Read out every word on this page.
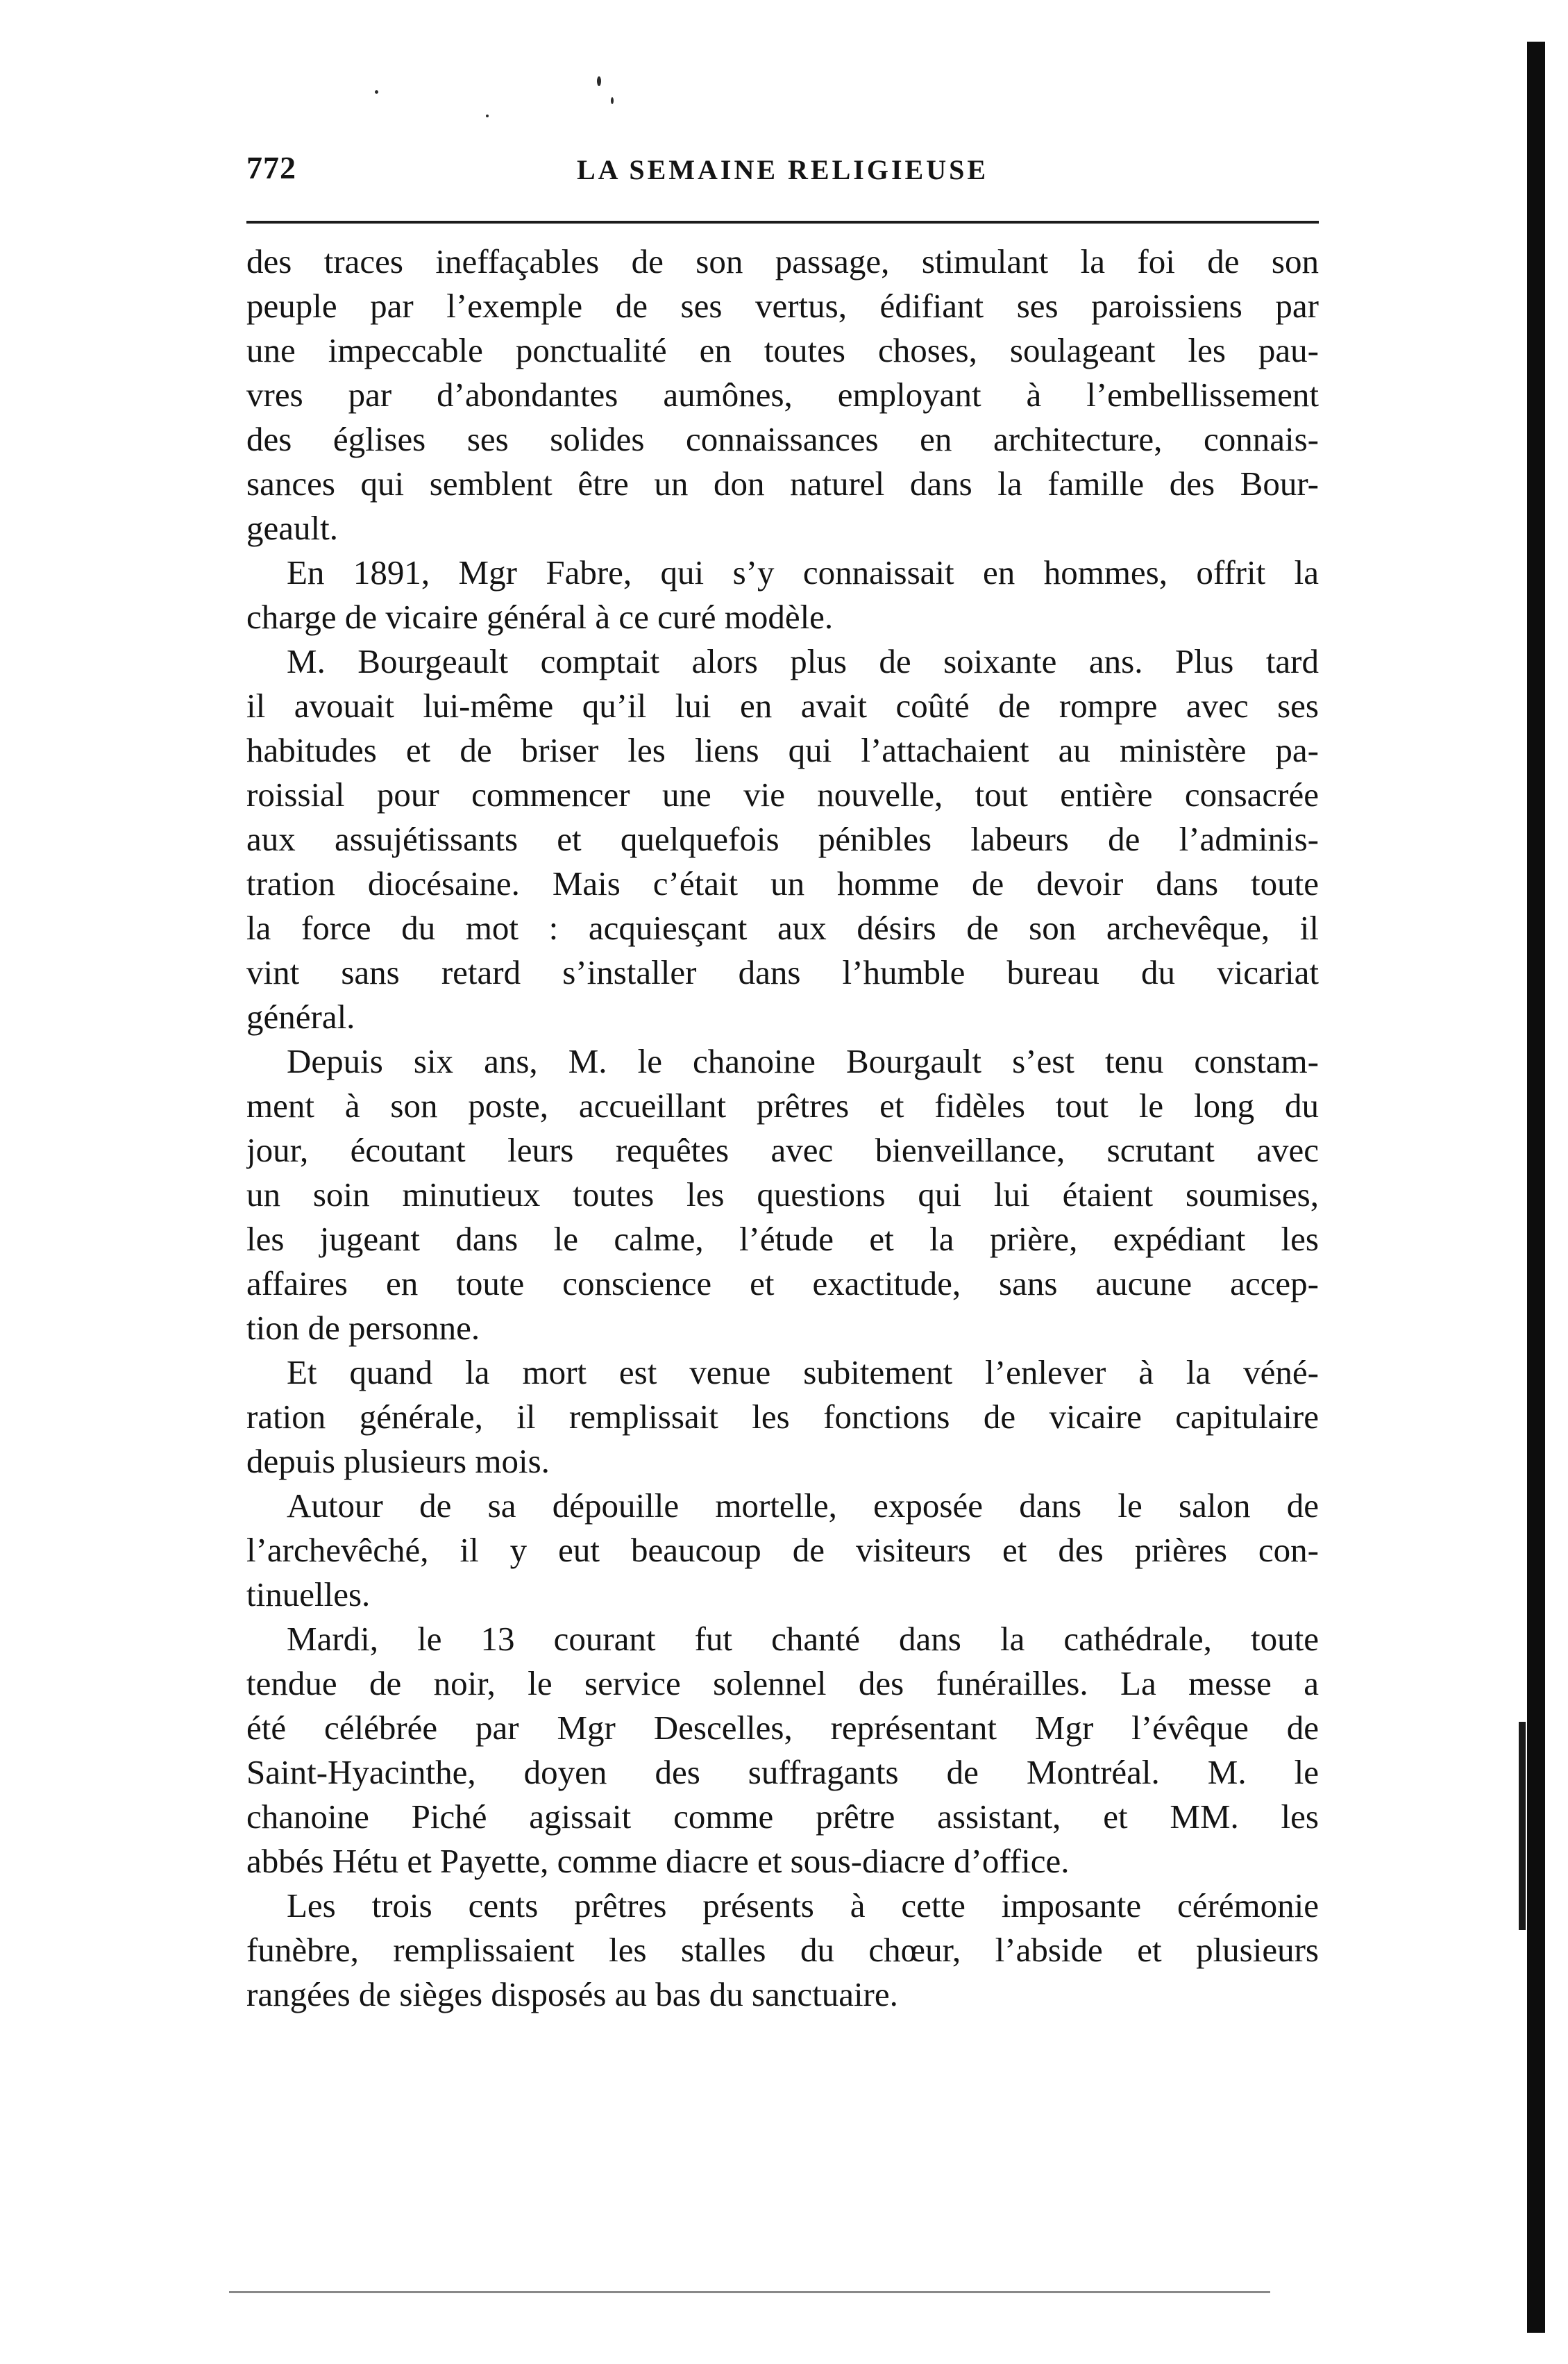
772	LA SEMAINE RELIGIEUSE
des traces ineffaçables de son passage, stimulant la foi de son
peuple par l’exemple de ses vertus, édifiant ses paroissiens par
une impeccable ponctualité en toutes choses, soulageant les pau-
vres par d’abondantes aumônes, employant à l’embellissement
des églises ses solides connaissances en architecture, connais-
sances qui semblent être un don naturel dans la famille des Bour-
geault.
En 1891, Mgr Fabre, qui s’y connaissait en hommes, offrit la
charge de vicaire général à ce curé modèle.
M. Bourgeault comptait alors plus de soixante ans. Plus tard
il avouait lui-même qu’il lui en avait coûté de rompre avec ses
habitudes et de briser les liens qui l’attachaient au ministère pa-
roissial pour commencer une vie nouvelle, tout entière consacrée
aux assujétissants et quelquefois pénibles labeurs de l’adminis-
tration diocésaine. Mais c’était un homme de devoir dans toute
la force du mot : acquiesçant aux désirs de son archevêque, il
vint sans retard s’installer dans l’humble bureau du vicariat
général.
Depuis six ans, M. le chanoine Bourgault s’est tenu constam-
ment à son poste, accueillant prêtres et fidèles tout le long du
jour, écoutant leurs requêtes avec bienveillance, scrutant avec
un soin minutieux toutes les questions qui lui étaient soumises,
les jugeant dans le calme, l’étude et la prière, expédiant les
affaires en toute conscience et exactitude, sans aucune accep-
tion de personne.
Et quand la mort est venue subitement l’enlever à la véné-
ration générale, il remplissait les fonctions de vicaire capitulaire
depuis plusieurs mois.
Autour de sa dépouille mortelle, exposée dans le salon de
l’archevêché, il y eut beaucoup de visiteurs et des prières con-
tinuelles.
Mardi, le 13 courant fut chanté dans la cathédrale, toute
tendue de noir, le service solennel des funérailles. La messe a
été célébrée par Mgr Descelles, représentant Mgr l’évêque de
Saint-Hyacinthe, doyen des suffragants de Montréal. M. le
chanoine Piché agissait comme prêtre assistant, et MM. les
abbés Hétu et Payette, comme diacre et sous-diacre d’office.
Les trois cents prêtres présents à cette imposante cérémonie
funèbre, remplissaient les stalles du chœur, l’abside et plusieurs
rangées de sièges disposés au bas du sanctuaire.
